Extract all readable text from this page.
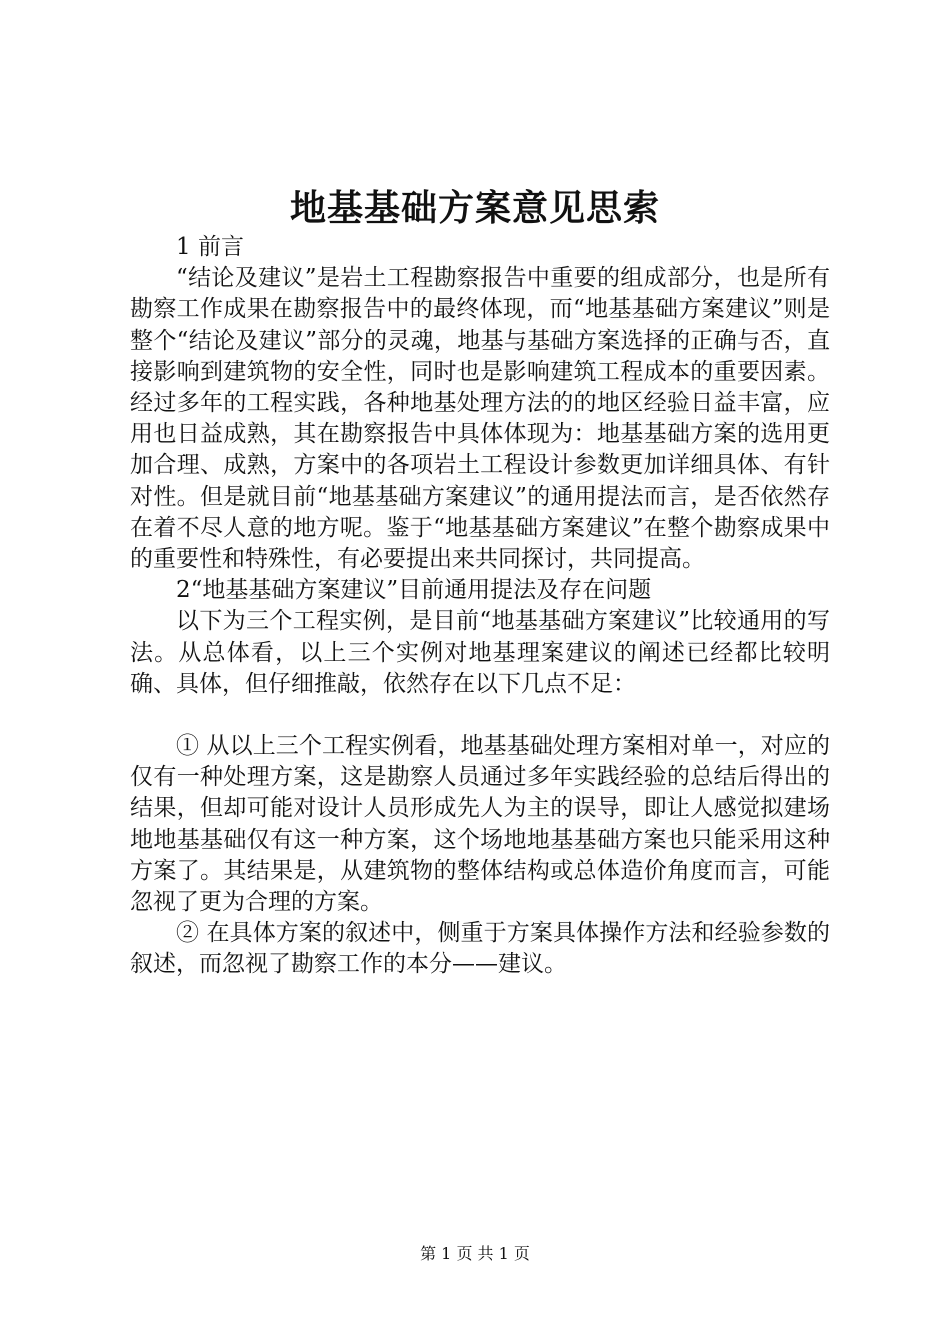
地基基础方案意见思索

1 前言

“结论及建议”是岩土工程勘察报告中重要的组成部分，也是所有勘察工作成果在勘察报告中的最终体现，而“地基基础方案建议”则是整个“结论及建议”部分的灵魂，地基与基础方案选择的正确与否，直接影响到建筑物的安全性，同时也是影响建筑工程成本的重要因素。经过多年的工程实践，各种地基处理方法的的地区经验日益丰富，应用也日益成熟，其在勘察报告中具体体现为：地基基础方案的选用更加合理、成熟，方案中的各项岩土工程设计参数更加详细具体、有针对性。但是就目前“地基基础方案建议”的通用提法而言，是否依然存在着不尽人意的地方呢。鉴于“地基基础方案建议”在整个勘察成果中的重要性和特殊性，有必要提出来共同探讨，共同提高。

2“地基基础方案建议”目前通用提法及存在问题

以下为三个工程实例，是目前“地基基础方案建议”比较通用的写法。从总体看，以上三个实例对地基理案建议的阐述已经都比较明确、具体，但仔细推敲，依然存在以下几点不足：

① 从以上三个工程实例看，地基基础处理方案相对单一，对应的仅有一种处理方案，这是勘察人员通过多年实践经验的总结后得出的结果，但却可能对设计人员形成先人为主的误导，即让人感觉拟建场地地基基础仅有这一种方案，这个场地地基基础方案也只能采用这种方案了。其结果是，从建筑物的整体结构或总体造价角度而言，可能忽视了更为合理的方案。

② 在具体方案的叙述中，侧重于方案具体操作方法和经验参数的叙述，而忽视了勘察工作的本分——建议。

第 1 页 共 1 页
